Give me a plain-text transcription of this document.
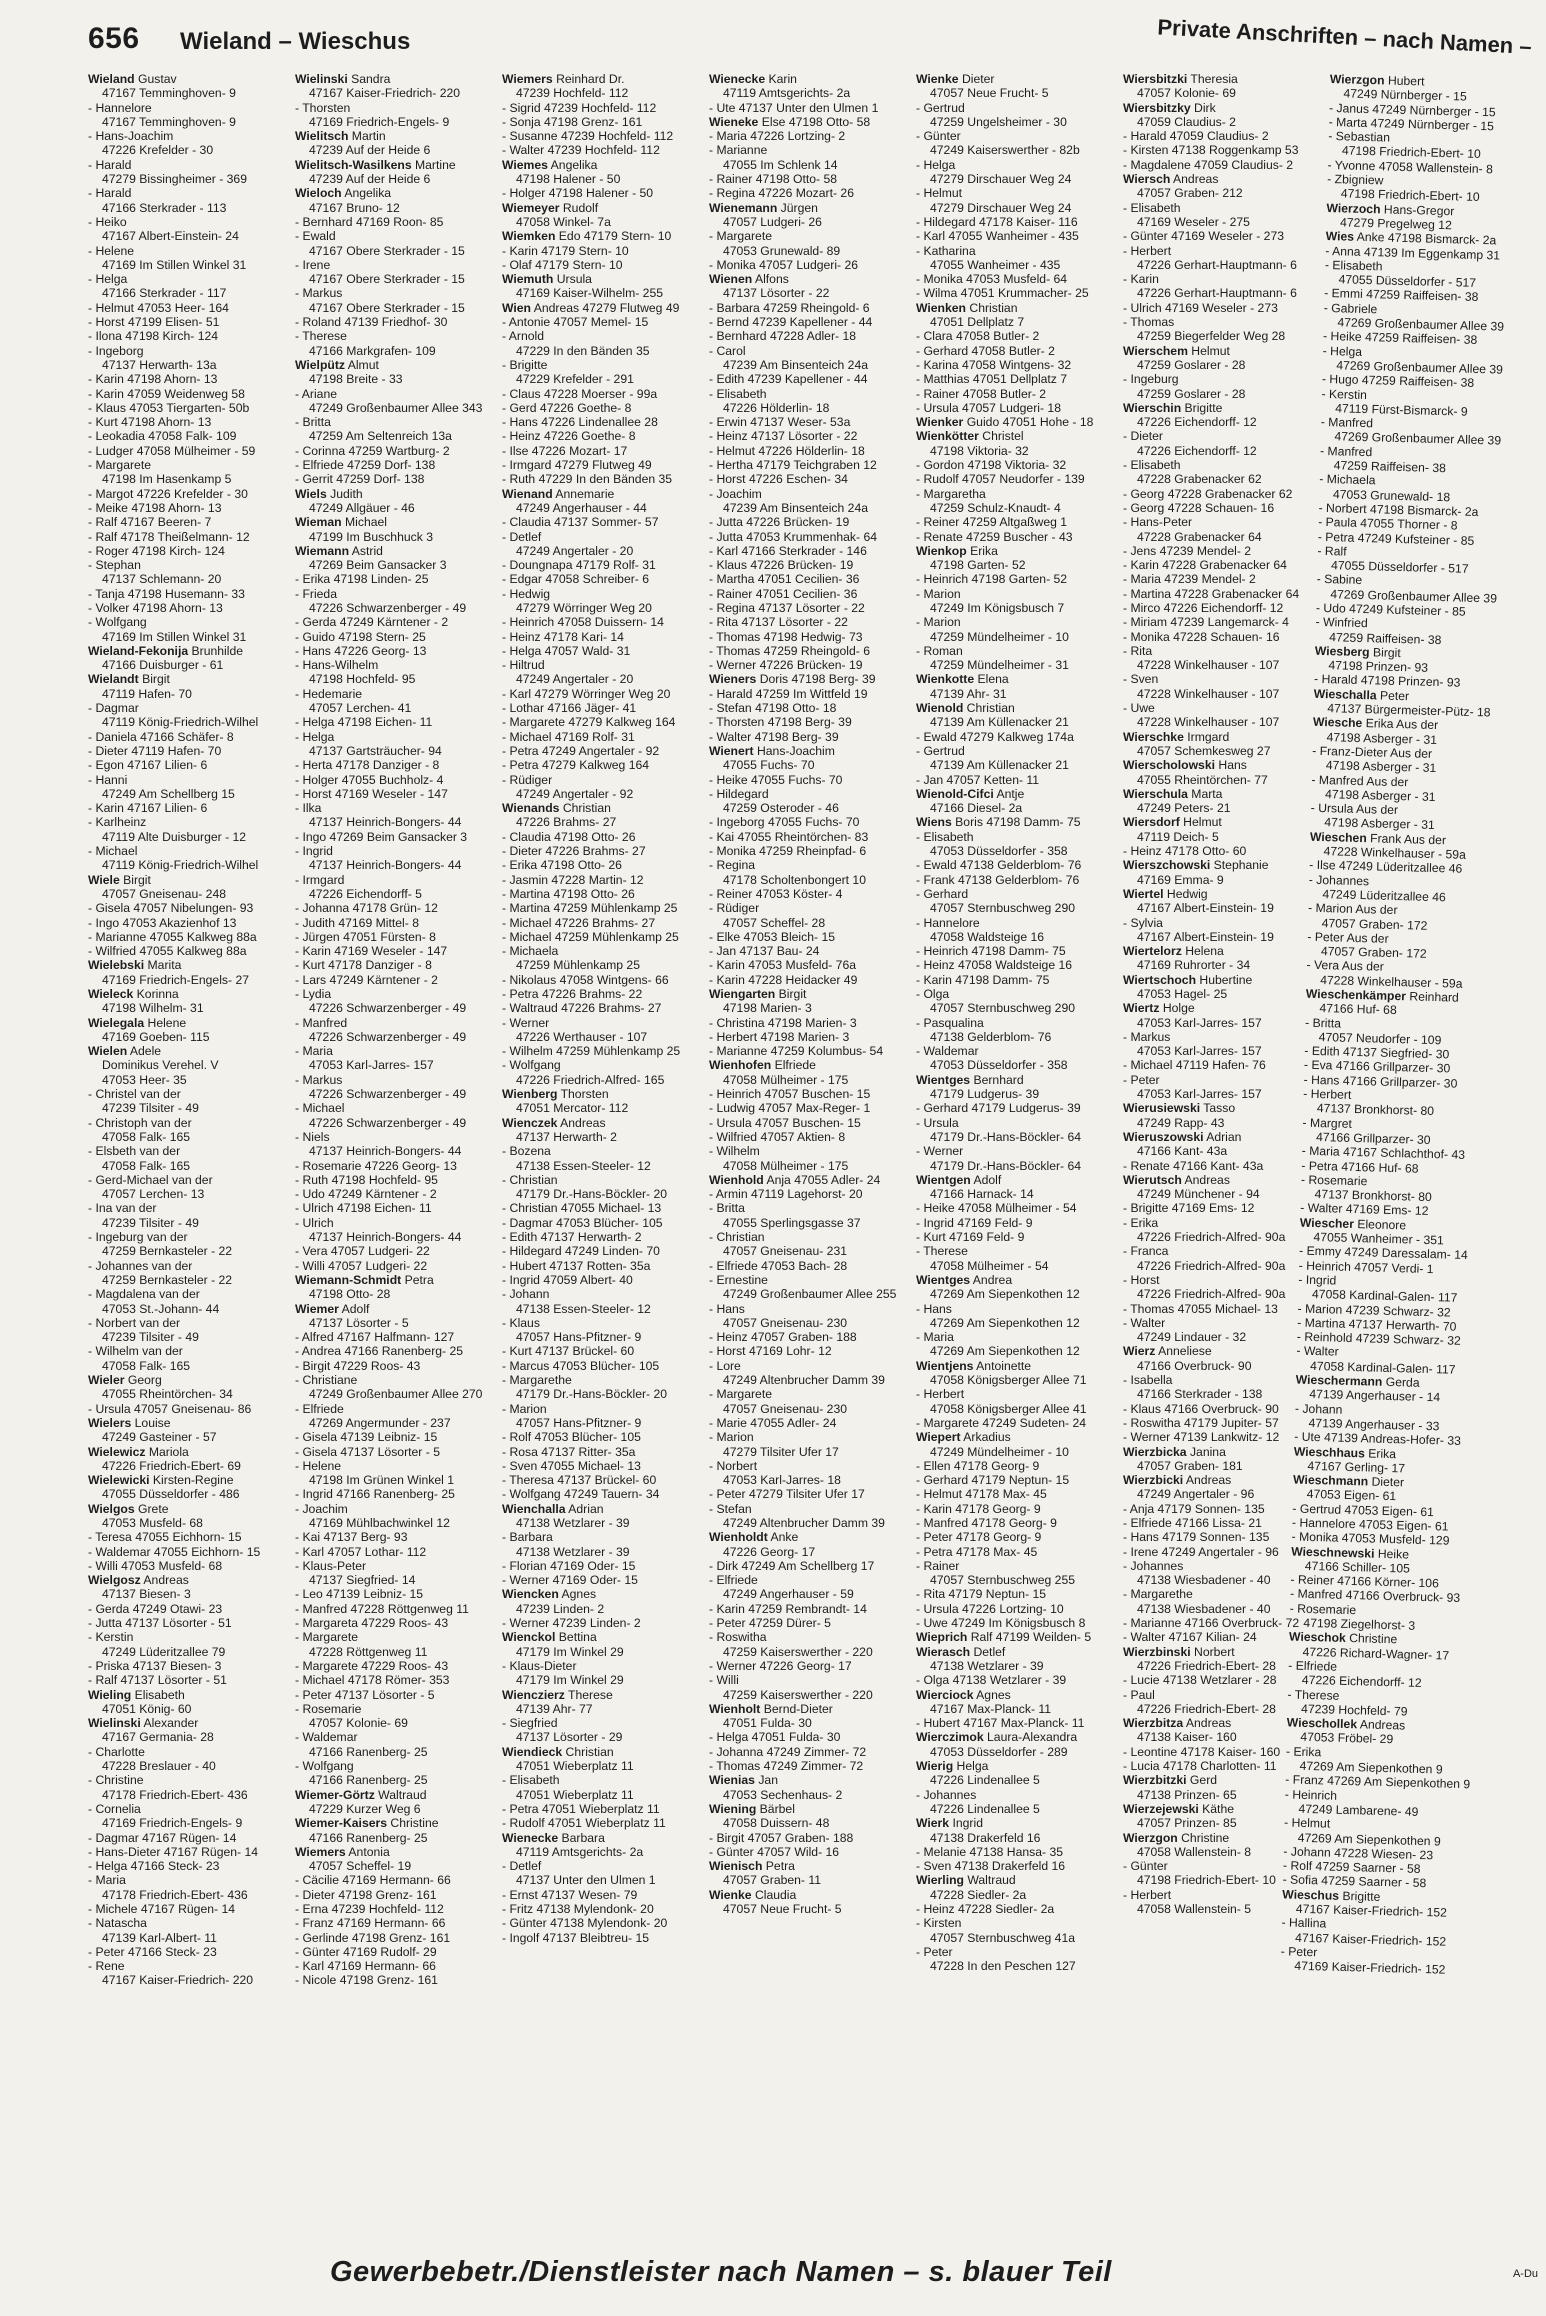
656 Wieland – Wieschus	Private Anschriften – nach Namen –
Wieland Gustav
47167 Temminghoven- 9
- Hannelore
47167 Temminghoven- 9
- Hans-Joachim
47226 Krefelder - 30
- Harald
47279 Bissingheimer - 369
- Harald
47166 Sterkrader - 113
- Heiko
47167 Albert-Einstein- 24
- Helene
47169 Im Stillen Winkel 31
- Helga
47166 Sterkrader - 117
- Helmut 47053 Heer- 164
- Horst 47199 Elisen- 51
- Ilona 47198 Kirch- 124
- Ingeborg
47137 Herwarth- 13a
- Karin 47198 Ahorn- 13
- Karin 47059 Weidenweg 58
- Klaus 47053 Tiergarten- 50b
- Kurt 47198 Ahorn- 13
- Leokadia 47058 Falk- 109
- Ludger 47058 Mülheimer - 59
- Margarete
47198 Im Hasenkamp 5
- Margot 47226 Krefelder - 30
- Meike 47198 Ahorn- 13
- Ralf 47167 Beeren- 7
- Ralf 47178 Theißelmann- 12
- Roger 47198 Kirch- 124
- Stephan
47137 Schlemann- 20
- Tanja 47198 Husemann- 33
- Volker 47198 Ahorn- 13
- Wolfgang
47169 Im Stillen Winkel 31
Wieland-Fekonija Brunhilde
47166 Duisburger - 61
Wielandt Birgit
47119 Hafen- 70
- Dagmar
47119 König-Friedrich-Wilhel
- Daniela 47166 Schäfer- 8
- Dieter 47119 Hafen- 70
- Egon 47167 Lilien- 6
- Hanni
47249 Am Schellberg 15
- Karin 47167 Lilien- 6
- Karlheinz
47119 Alte Duisburger - 12
- Michael
47119 König-Friedrich-Wilhel
Wiele Birgit
47057 Gneisenau- 248
- Gisela 47057 Nibelungen- 93
- Ingo 47053 Akazienhof 13
- Marianne 47055 Kalkweg 88a
- Wilfried 47055 Kalkweg 88a
Wielebski Marita
47169 Friedrich-Engels- 27
Wieleck Korinna
47198 Wilhelm- 31
Wielegala Helene
47169 Goeben- 115
Wielen Adele
Dominikus Verehel. V
47053 Heer- 35
- Christel van der
47239 Tilsiter - 49
- Christoph van der
47058 Falk- 165
- Elsbeth van der
47058 Falk- 165
- Gerd-Michael van der
47057 Lerchen- 13
- Ina van der
47239 Tilsiter - 49
- Ingeburg van der
47259 Bernkasteler - 22
- Johannes van der
47259 Bernkasteler - 22
- Magdalena van der
47053 St.-Johann- 44
- Norbert van der
47239 Tilsiter - 49
- Wilhelm van der
47058 Falk- 165
Wieler Georg
47055 Rheintörchen- 34
- Ursula 47057 Gneisenau- 86
Wielers Louise
47249 Gasteiner - 57
Wielewicz Mariola
47226 Friedrich-Ebert- 69
Wielewicki Kirsten-Regine
47055 Düsseldorfer - 486
Wielgos Grete
47053 Musfeld- 68
- Teresa 47055 Eichhorn- 15
- Waldemar 47055 Eichhorn- 15
- Willi 47053 Musfeld- 68
Wielgosz Andreas
47137 Biesen- 3
- Gerda 47249 Otawi- 23
- Jutta 47137 Lösorter - 51
- Kerstin
47249 Lüderitzallee 79
- Priska 47137 Biesen- 3
- Ralf 47137 Lösorter - 51
Wieling Elisabeth
47051 König- 60
Wielinski Alexander
47167 Germania- 28
- Charlotte
47228 Breslauer - 40
- Christine
47178 Friedrich-Ebert- 436
- Cornelia
47169 Friedrich-Engels- 9
- Dagmar 47167 Rügen- 14
- Hans-Dieter 47167 Rügen- 14
- Helga 47166 Steck- 23
- Maria
47178 Friedrich-Ebert- 436
- Michele 47167 Rügen- 14
- Natascha
47139 Karl-Albert- 11
- Peter 47166 Steck- 23
- Rene
47167 Kaiser-Friedrich- 220
Wielinski Sandra
47167 Kaiser-Friedrich- 220
- Thorsten
47169 Friedrich-Engels- 9
Wielitsch Martin
47239 Auf der Heide 6
Wielitsch-Wasilkens Martine
47239 Auf der Heide 6
Wieloch Angelika
47167 Bruno- 12
- Bernhard 47169 Roon- 85
- Ewald
47167 Obere Sterkrader - 15
- Irene
47167 Obere Sterkrader - 15
- Markus
47167 Obere Sterkrader - 15
- Roland 47139 Friedhof- 30
- Therese
47166 Markgrafen- 109
Wielpütz Almut
47198 Breite - 33
- Ariane
47249 Großenbaumer Allee 343
- Britta
47259 Am Seltenreich 13a
- Corinna 47259 Wartburg- 2
- Elfriede 47259 Dorf- 138
- Gerrit 47259 Dorf- 138
Wiels Judith
47249 Allgäuer - 46
Wieman Michael
47199 Im Buschhuck 3
Wiemann Astrid
47269 Beim Gansacker 3
- Erika 47198 Linden- 25
- Frieda
47226 Schwarzenberger - 49
- Gerda 47249 Kärntener - 2
- Guido 47198 Stern- 25
- Hans 47226 Georg- 13
- Hans-Wilhelm
47198 Hochfeld- 95
- Hedemarie
47057 Lerchen- 41
- Helga 47198 Eichen- 11
- Helga
47137 Gartsträucher- 94
- Herta 47178 Danziger - 8
- Holger 47055 Buchholz- 4
- Horst 47169 Weseler - 147
- Ilka
47137 Heinrich-Bongers- 44
- Ingo 47269 Beim Gansacker 3
- Ingrid
47137 Heinrich-Bongers- 44
- Irmgard
47226 Eichendorff- 5
- Johanna 47178 Grün- 12
- Judith 47169 Mittel- 8
- Jürgen 47051 Fürsten- 8
- Karin 47169 Weseler - 147
- Kurt 47178 Danziger - 8
- Lars 47249 Kärntener - 2
- Lydia
47226 Schwarzenberger - 49
- Manfred
47226 Schwarzenberger - 49
- Maria
47053 Karl-Jarres- 157
- Markus
47226 Schwarzenberger - 49
- Michael
47226 Schwarzenberger - 49
- Niels
47137 Heinrich-Bongers- 44
- Rosemarie 47226 Georg- 13
- Ruth 47198 Hochfeld- 95
- Udo 47249 Kärntener - 2
- Ulrich 47198 Eichen- 11
- Ulrich
47137 Heinrich-Bongers- 44
- Vera 47057 Ludgeri- 22
- Willi 47057 Ludgeri- 22
Wiemann-Schmidt Petra
47198 Otto- 28
Wiemer Adolf
47137 Lösorter - 5
- Alfred 47167 Halfmann- 127
- Andrea 47166 Ranenberg- 25
- Birgit 47229 Roos- 43
- Christiane
47249 Großenbaumer Allee 270
- Elfriede
47269 Angermunder - 237
- Gisela 47139 Leibniz- 15
- Gisela 47137 Lösorter - 5
- Helene
47198 Im Grünen Winkel 1
- Ingrid 47166 Ranenberg- 25
- Joachim
47169 Mühlbachwinkel 12
- Kai 47137 Berg- 93
- Karl 47057 Lothar- 112
- Klaus-Peter
47137 Siegfried- 14
- Leo 47139 Leibniz- 15
- Manfred 47228 Röttgenweg 11
- Margareta 47229 Roos- 43
- Margarete
47228 Röttgenweg 11
- Margarete 47229 Roos- 43
- Michael 47178 Römer- 353
- Peter 47137 Lösorter - 5
- Rosemarie
47057 Kolonie- 69
- Waldemar
47166 Ranenberg- 25
- Wolfgang
47166 Ranenberg- 25
Wiemer-Görtz Waltraud
47229 Kurzer Weg 6
Wiemer-Kaisers Christine
47166 Ranenberg- 25
Wiemers Antonia
47057 Scheffel- 19
- Cäcilie 47169 Hermann- 66
- Dieter 47198 Grenz- 161
- Erna 47239 Hochfeld- 112
- Franz 47169 Hermann- 66
- Gerlinde 47198 Grenz- 161
- Günter 47169 Rudolf- 29
- Karl 47169 Hermann- 66
- Nicole 47198 Grenz- 161
Wiemers Reinhard Dr.
47239 Hochfeld- 112
- Sigrid 47239 Hochfeld- 112
- Sonja 47198 Grenz- 161
- Susanne 47239 Hochfeld- 112
- Walter 47239 Hochfeld- 112
Wiemes Angelika
47198 Halener - 50
- Holger 47198 Halener - 50
Wiemeyer Rudolf
47058 Winkel- 7a
Wiemken Edo 47179 Stern- 10
- Karin 47179 Stern- 10
- Olaf 47179 Stern- 10
Wiemuth Ursula
47169 Kaiser-Wilhelm- 255
Wien Andreas 47279 Flutweg 49
- Antonie 47057 Memel- 15
- Arnold
47229 In den Bänden 35
- Brigitte
47229 Krefelder - 291
- Claus 47228 Moerser - 99a
- Gerd 47226 Goethe- 8
- Hans 47226 Lindenallee 28
- Heinz 47226 Goethe- 8
- Ilse 47226 Mozart- 17
- Irmgard 47279 Flutweg 49
- Ruth 47229 In den Bänden 35
Wienand Annemarie
47249 Angerhauser - 44
- Claudia 47137 Sommer- 57
- Detlef
47249 Angertaler - 20
- Doungnapa 47179 Rolf- 31
- Edgar 47058 Schreiber- 6
- Hedwig
47279 Wörringer Weg 20
- Heinrich 47058 Duissern- 14
- Heinz 47178 Kari- 14
- Helga 47057 Wald- 31
- Hiltrud
47249 Angertaler - 20
- Karl 47279 Wörringer Weg 20
- Lothar 47166 Jäger- 41
- Margarete 47279 Kalkweg 164
- Michael 47169 Rolf- 31
- Petra 47249 Angertaler - 92
- Petra 47279 Kalkweg 164
- Rüdiger
47249 Angertaler - 92
Wienands Christian
47226 Brahms- 27
- Claudia 47198 Otto- 26
- Dieter 47226 Brahms- 27
- Erika 47198 Otto- 26
- Jasmin 47228 Martin- 12
- Martina 47198 Otto- 26
- Martina 47259 Mühlenkamp 25
- Michael 47226 Brahms- 27
- Michael 47259 Mühlenkamp 25
- Michaela
47259 Mühlenkamp 25
- Nikolaus 47058 Wintgens- 66
- Petra 47226 Brahms- 22
- Waltraud 47226 Brahms- 27
- Werner
47226 Werthauser - 107
- Wilhelm 47259 Mühlenkamp 25
- Wolfgang
47226 Friedrich-Alfred- 165
Wienberg Thorsten
47051 Mercator- 112
Wienczek Andreas
47137 Herwarth- 2
- Bozena
47138 Essen-Steeler- 12
- Christian
47179 Dr.-Hans-Böckler- 20
- Christian 47055 Michael- 13
- Dagmar 47053 Blücher- 105
- Edith 47137 Herwarth- 2
- Hildegard 47249 Linden- 70
- Hubert 47137 Rotten- 35a
- Ingrid 47059 Albert- 40
- Johann
47138 Essen-Steeler- 12
- Klaus
47057 Hans-Pfitzner- 9
- Kurt 47137 Brückel- 60
- Marcus 47053 Blücher- 105
- Margarethe
47179 Dr.-Hans-Böckler- 20
- Marion
47057 Hans-Pfitzner- 9
- Rolf 47053 Blücher- 105
- Rosa 47137 Ritter- 35a
- Sven 47055 Michael- 13
- Theresa 47137 Brückel- 60
- Wolfgang 47249 Tauern- 34
Wienchalla Adrian
47138 Wetzlarer - 39
- Barbara
47138 Wetzlarer - 39
- Florian 47169 Oder- 15
- Werner 47169 Oder- 15
Wiencken Agnes
47239 Linden- 2
- Werner 47239 Linden- 2
Wienckol Bettina
47179 Im Winkel 29
- Klaus-Dieter
47179 Im Winkel 29
Wienczierz Therese
47139 Ahr- 77
- Siegfried
47137 Lösorter - 29
Wiendieck Christian
47051 Wieberplatz 11
- Elisabeth
47051 Wieberplatz 11
- Petra 47051 Wieberplatz 11
- Rudolf 47051 Wieberplatz 11
Wienecke Barbara
47119 Amtsgerichts- 2a
- Detlef
47137 Unter den Ulmen 1
- Ernst 47137 Wesen- 79
- Fritz 47138 Mylendonk- 20
- Günter 47138 Mylendonk- 20
- Ingolf 47137 Bleibtreu- 15
Wienecke Karin
47119 Amtsgerichts- 2a
- Ute 47137 Unter den Ulmen 1
Wieneke Else 47198 Otto- 58
- Maria 47226 Lortzing- 2
- Marianne
47055 Im Schlenk 14
- Rainer 47198 Otto- 58
- Regina 47226 Mozart- 26
Wienemann Jürgen
47057 Ludgeri- 26
- Margarete
47053 Grunewald- 89
- Monika 47057 Ludgeri- 26
Wienen Alfons
47137 Lösorter - 22
- Barbara 47259 Rheingold- 6
- Bernd 47239 Kapellener - 44
- Bernhard 47228 Adler- 18
- Carol
47239 Am Binsenteich 24a
- Edith 47239 Kapellener - 44
- Elisabeth
47226 Hölderlin- 18
- Erwin 47137 Weser- 53a
- Heinz 47137 Lösorter - 22
- Helmut 47226 Hölderlin- 18
- Hertha 47179 Teichgraben 12
- Horst 47226 Eschen- 34
- Joachim
47239 Am Binsenteich 24a
- Jutta 47226 Brücken- 19
- Jutta 47053 Krummenhak- 64
- Karl 47166 Sterkrader - 146
- Klaus 47226 Brücken- 19
- Martha 47051 Cecilien- 36
- Rainer 47051 Cecilien- 36
- Regina 47137 Lösorter - 22
- Rita 47137 Lösorter - 22
- Thomas 47198 Hedwig- 73
- Thomas 47259 Rheingold- 6
- Werner 47226 Brücken- 19
Wieners Doris 47198 Berg- 39
- Harald 47259 Im Wittfeld 19
- Stefan 47198 Otto- 18
- Thorsten 47198 Berg- 39
- Walter 47198 Berg- 39
Wienert Hans-Joachim
47055 Fuchs- 70
- Heike 47055 Fuchs- 70
- Hildegard
47259 Osteroder - 46
- Ingeborg 47055 Fuchs- 70
- Kai 47055 Rheintörchen- 83
- Monika 47259 Rheinpfad- 6
- Regina
47178 Scholtenbongert 10
- Reiner 47053 Köster- 4
- Rüdiger
47057 Scheffel- 28
- Elke 47053 Bleich- 15
- Jan 47137 Bau- 24
- Karin 47053 Musfeld- 76a
- Karin 47228 Heidacker 49
Wiengarten Birgit
47198 Marien- 3
- Christina 47198 Marien- 3
- Herbert 47198 Marien- 3
- Marianne 47259 Kolumbus- 54
Wienhofen Elfriede
47058 Mülheimer - 175
- Heinrich 47057 Buschen- 15
- Ludwig 47057 Max-Reger- 1
- Ursula 47057 Buschen- 15
- Wilfried 47057 Aktien- 8
- Wilhelm
47058 Mülheimer - 175
Wienhold Anja 47055 Adler- 24
- Armin 47119 Lagehorst- 20
- Britta
47055 Sperlingsgasse 37
- Christian
47057 Gneisenau- 231
- Elfriede 47053 Bach- 28
- Ernestine
47249 Großenbaumer Allee 255
- Hans
47057 Gneisenau- 230
- Heinz 47057 Graben- 188
- Horst 47169 Lohr- 12
- Lore
47249 Altenbrucher Damm 39
- Margarete
47057 Gneisenau- 230
- Marie 47055 Adler- 24
- Marion
47279 Tilsiter Ufer 17
- Norbert
47053 Karl-Jarres- 18
- Peter 47279 Tilsiter Ufer 17
- Stefan
47249 Altenbrucher Damm 39
Wienholdt Anke
47226 Georg- 17
- Dirk 47249 Am Schellberg 17
- Elfriede
47249 Angerhauser - 59
- Karin 47259 Rembrandt- 14
- Peter 47259 Dürer- 5
- Roswitha
47259 Kaiserswerther - 220
- Werner 47226 Georg- 17
- Willi
47259 Kaiserswerther - 220
Wienholt Bernd-Dieter
47051 Fulda- 30
- Helga 47051 Fulda- 30
- Johanna 47249 Zimmer- 72
- Thomas 47249 Zimmer- 72
Wienias Jan
47053 Sechenhaus- 2
Wiening Bärbel
47058 Duissern- 48
- Birgit 47057 Graben- 188
- Günter 47057 Wild- 16
Wienisch Petra
47057 Graben- 11
Wienke Claudia
47057 Neue Frucht- 5
Wienke Dieter
47057 Neue Frucht- 5
- Gertrud
47259 Ungelsheimer - 30
- Günter
47249 Kaiserswerther - 82b
- Helga
47279 Dirschauer Weg 24
- Helmut
47279 Dirschauer Weg 24
- Hildegard 47178 Kaiser- 116
- Karl 47055 Wanheimer - 435
- Katharina
47055 Wanheimer - 435
- Monika 47053 Musfeld- 64
- Wilma 47051 Krummacher- 25
Wienken Christian
47051 Dellplatz 7
- Clara 47058 Butler- 2
- Gerhard 47058 Butler- 2
- Karina 47058 Wintgens- 32
- Matthias 47051 Dellplatz 7
- Rainer 47058 Butler- 2
- Ursula 47057 Ludgeri- 18
Wienker Guido 47051 Hohe - 18
Wienkötter Christel
47198 Viktoria- 32
- Gordon 47198 Viktoria- 32
- Rudolf 47057 Neudorfer - 139
- Margaretha
47259 Schulz-Knaudt- 4
- Reiner 47259 Altgaßweg 1
- Renate 47259 Buscher - 43
Wienkop Erika
47198 Garten- 52
- Heinrich 47198 Garten- 52
- Marion
47249 Im Königsbusch 7
- Marion
47259 Mündelheimer - 10
- Roman
47259 Mündelheimer - 31
Wienkotte Elena
47139 Ahr- 31
Wienold Christian
47139 Am Küllenacker 21
- Ewald 47279 Kalkweg 174a
- Gertrud
47139 Am Küllenacker 21
- Jan 47057 Ketten- 11
Wienold-Cifci Antje
47166 Diesel- 2a
Wiens Boris 47198 Damm- 75
- Elisabeth
47053 Düsseldorfer - 358
- Ewald 47138 Gelderblom- 76
- Frank 47138 Gelderblom- 76
- Gerhard
47057 Sternbuschweg 290
- Hannelore
47058 Waldsteige 16
- Heinrich 47198 Damm- 75
- Heinz 47058 Waldsteige 16
- Karin 47198 Damm- 75
- Olga
47057 Sternbuschweg 290
- Pasqualina
47138 Gelderblom- 76
- Waldemar
47053 Düsseldorfer - 358
Wientges Bernhard
47179 Ludgerus- 39
- Gerhard 47179 Ludgerus- 39
- Ursula
47179 Dr.-Hans-Böckler- 64
- Werner
47179 Dr.-Hans-Böckler- 64
Wientgen Adolf
47166 Harnack- 14
- Heike 47058 Mülheimer - 54
- Ingrid 47169 Feld- 9
- Kurt 47169 Feld- 9
- Therese
47058 Mülheimer - 54
Wientges Andrea
47269 Am Siepenkothen 12
- Hans
47269 Am Siepenkothen 12
- Maria
47269 Am Siepenkothen 12
Wientjens Antoinette
47058 Königsberger Allee 71
- Herbert
47058 Königsberger Allee 41
- Margarete 47249 Sudeten- 24
Wiepert Arkadius
47249 Mündelheimer - 10
- Ellen 47178 Georg- 9
- Gerhard 47179 Neptun- 15
- Helmut 47178 Max- 45
- Karin 47178 Georg- 9
- Manfred 47178 Georg- 9
- Peter 47178 Georg- 9
- Petra 47178 Max- 45
- Rainer
47057 Sternbuschweg 255
- Rita 47179 Neptun- 15
- Ursula 47226 Lortzing- 10
- Uwe 47249 Im Königsbusch 8
Wieprich Ralf 47199 Weilden- 5
Wierasch Detlef
47138 Wetzlarer - 39
- Olga 47138 Wetzlarer - 39
Wierciock Agnes
47167 Max-Planck- 11
- Hubert 47167 Max-Planck- 11
Wierczimok Laura-Alexandra
47053 Düsseldorfer - 289
Wierig Helga
47226 Lindenallee 5
- Johannes
47226 Lindenallee 5
Wierk Ingrid
47138 Drakerfeld 16
- Melanie 47138 Hansa- 35
- Sven 47138 Drakerfeld 16
Wierling Waltraud
47228 Siedler- 2a
- Heinz 47228 Siedler- 2a
- Kirsten
47057 Sternbuschweg 41a
- Peter
47228 In den Peschen 127
Wiersbitzki Theresia
47057 Kolonie- 69
Wiersbitzky Dirk
47059 Claudius- 2
- Harald 47059 Claudius- 2
- Kirsten 47138 Roggenkamp 53
- Magdalene 47059 Claudius- 2
Wiersch Andreas
47057 Graben- 212
- Elisabeth
47169 Weseler - 275
- Günter 47169 Weseler - 273
- Herbert
47226 Gerhart-Hauptmann- 6
- Karin
47226 Gerhart-Hauptmann- 6
- Ulrich 47169 Weseler - 273
- Thomas
47259 Biegerfelder Weg 28
Wierschem Helmut
47259 Goslarer - 28
- Ingeburg
47259 Goslarer - 28
Wierschin Brigitte
47226 Eichendorff- 12
- Dieter
47226 Eichendorff- 12
- Elisabeth
47228 Grabenacker 62
- Georg 47228 Grabenacker 62
- Georg 47228 Schauen- 16
- Hans-Peter
47228 Grabenacker 64
- Jens 47239 Mendel- 2
- Karin 47228 Grabenacker 64
- Maria 47239 Mendel- 2
- Martina 47228 Grabenacker 64
- Mirco 47226 Eichendorff- 12
- Miriam 47239 Langemarck- 4
- Monika 47228 Schauen- 16
- Rita
47228 Winkelhauser - 107
- Sven
47228 Winkelhauser - 107
- Uwe
47228 Winkelhauser - 107
Wierschke Irmgard
47057 Schemkesweg 27
Wierscholowski Hans
47055 Rheintörchen- 77
Wierschula Marta
47249 Peters- 21
Wiersdorf Helmut
47119 Deich- 5
- Heinz 47178 Otto- 60
Wierszchowski Stephanie
47169 Emma- 9
Wiertel Hedwig
47167 Albert-Einstein- 19
- Sylvia
47167 Albert-Einstein- 19
Wiertelorz Helena
47169 Ruhrorter - 34
Wiertschoch Hubertine
47053 Hagel- 25
Wiertz Holge
47053 Karl-Jarres- 157
- Markus
47053 Karl-Jarres- 157
- Michael 47119 Hafen- 76
- Peter
47053 Karl-Jarres- 157
Wierusiewski Tasso
47249 Rapp- 43
Wieruszowski Adrian
47166 Kant- 43a
- Renate 47166 Kant- 43a
Wierutsch Andreas
47249 Münchener - 94
- Brigitte 47169 Ems- 12
- Erika
47226 Friedrich-Alfred- 90a
- Franca
47226 Friedrich-Alfred- 90a
- Horst
47226 Friedrich-Alfred- 90a
- Thomas 47055 Michael- 13
- Walter
47249 Lindauer - 32
Wierz Anneliese
47166 Overbruck- 90
- Isabella
47166 Sterkrader - 138
- Klaus 47166 Overbruck- 90
- Roswitha 47179 Jupiter- 57
- Werner 47139 Lankwitz- 12
Wierzbicka Janina
47057 Graben- 181
Wierzbicki Andreas
47249 Angertaler - 96
- Anja 47179 Sonnen- 135
- Elfriede 47166 Lissa- 21
- Hans 47179 Sonnen- 135
- Irene 47249 Angertaler - 96
- Johannes
47138 Wiesbadener - 40
- Margarethe
47138 Wiesbadener - 40
- Marianne 47166 Overbruck- 72
- Walter 47167 Kilian- 24
Wierzbinski Norbert
47226 Friedrich-Ebert- 28
- Lucie 47138 Wetzlarer - 28
- Paul
47226 Friedrich-Ebert- 28
Wierzbitza Andreas
47138 Kaiser- 160
- Leontine 47178 Kaiser- 160
- Lucia 47178 Charlotten- 11
Wierzbitzki Gerd
47138 Prinzen- 65
Wierzejewski Käthe
47057 Prinzen- 85
Wierzgon Christine
47058 Wallenstein- 8
- Günter
47198 Friedrich-Ebert- 10
- Herbert
47058 Wallenstein- 5
Wierzgon Hubert
47249 Nürnberger - 15
- Janus 47249 Nürnberger - 15
- Marta 47249 Nürnberger - 15
- Sebastian
47198 Friedrich-Ebert- 10
- Yvonne 47058 Wallenstein- 8
- Zbigniew
47198 Friedrich-Ebert- 10
Wierzoch Hans-Gregor
47279 Pregelweg 12
Wies Anke 47198 Bismarck- 2a
- Anna 47139 Im Eggenkamp 31
- Elisabeth
47055 Düsseldorfer - 517
- Emmi 47259 Raiffeisen- 38
- Gabriele
47269 Großenbaumer Allee 39
- Heike 47259 Raiffeisen- 38
- Helga
47269 Großenbaumer Allee 39
- Hugo 47259 Raiffeisen- 38
- Kerstin
47119 Fürst-Bismarck- 9
- Manfred
47269 Großenbaumer Allee 39
- Manfred
47259 Raiffeisen- 38
- Michaela
47053 Grunewald- 18
- Norbert 47198 Bismarck- 2a
- Paula 47055 Thorner - 8
- Petra 47249 Kufsteiner - 85
- Ralf
47055 Düsseldorfer - 517
- Sabine
47269 Großenbaumer Allee 39
- Udo 47249 Kufsteiner - 85
- Winfried
47259 Raiffeisen- 38
Wiesberg Birgit
47198 Prinzen- 93
- Harald 47198 Prinzen- 93
Wieschalla Peter
47137 Bürgermeister-Pütz- 18
Wiesche Erika Aus der
47198 Asberger - 31
- Franz-Dieter Aus der
47198 Asberger - 31
- Manfred Aus der
47198 Asberger - 31
- Ursula Aus der
47198 Asberger - 31
Wieschen Frank Aus der
47228 Winkelhauser - 59a
- Ilse 47249 Lüderitzallee 46
- Johannes
47249 Lüderitzallee 46
- Marion Aus der
47057 Graben- 172
- Peter Aus der
47057 Graben- 172
- Vera Aus der
47228 Winkelhauser - 59a
Wieschenkämper Reinhard
47166 Huf- 68
- Britta
47057 Neudorfer - 109
- Edith 47137 Siegfried- 30
- Eva 47166 Grillparzer- 30
- Hans 47166 Grillparzer- 30
- Herbert
47137 Bronkhorst- 80
- Margret
47166 Grillparzer- 30
- Maria 47167 Schlachthof- 43
- Petra 47166 Huf- 68
- Rosemarie
47137 Bronkhorst- 80
- Walter 47169 Ems- 12
Wiescher Eleonore
47055 Wanheimer - 351
- Emmy 47249 Daressalam- 14
- Heinrich 47057 Verdi- 1
- Ingrid
47058 Kardinal-Galen- 117
- Marion 47239 Schwarz- 32
- Martina 47137 Herwarth- 70
- Reinhold 47239 Schwarz- 32
- Walter
47058 Kardinal-Galen- 117
Wieschermann Gerda
47139 Angerhauser - 14
- Johann
47139 Angerhauser - 33
- Ute 47139 Andreas-Hofer- 33
Wieschhaus Erika
47167 Gerling- 17
Wieschmann Dieter
47053 Eigen- 61
- Gertrud 47053 Eigen- 61
- Hannelore 47053 Eigen- 61
- Monika 47053 Musfeld- 129
Wieschnewski Heike
47166 Schiller- 105
- Reiner 47166 Körner- 106
- Manfred 47166 Overbruck- 93
- Rosemarie
47198 Ziegelhorst- 3
Wieschok Christine
47226 Richard-Wagner- 17
- Elfriede
47226 Eichendorff- 12
- Therese
47239 Hochfeld- 79
Wieschollek Andreas
47053 Fröbel- 29
- Erika
47269 Am Siepenkothen 9
- Franz 47269 Am Siepenkothen 9
- Heinrich
47249 Lambarene- 49
- Helmut
47269 Am Siepenkothen 9
- Johann 47228 Wiesen- 23
- Rolf 47259 Saarner - 58
- Sofia 47259 Saarner - 58
Wieschus Brigitte
47167 Kaiser-Friedrich- 152
- Hallina
47167 Kaiser-Friedrich- 152
- Peter
47169 Kaiser-Friedrich- 152
Gewerbebetr./Dienstleister nach Namen – s. blauer Teil	A-Du
